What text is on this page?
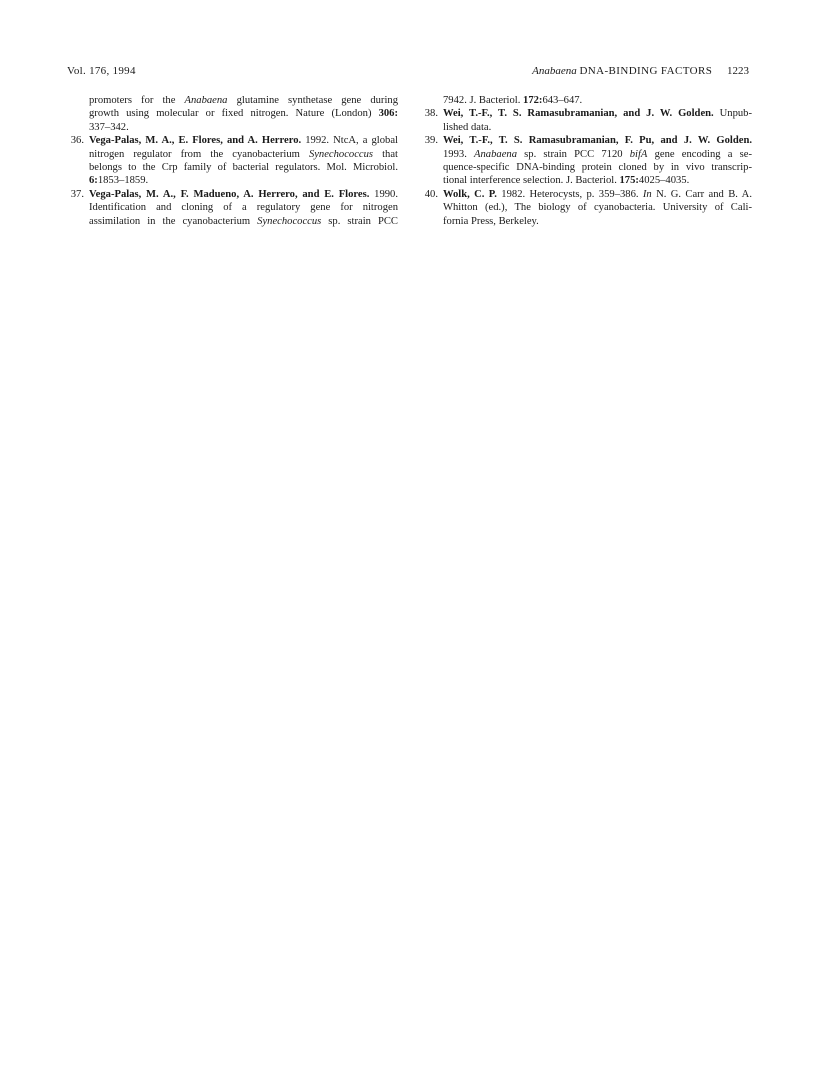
Vol. 176, 1994	Anabaena DNA-BINDING FACTORS 1223
promoters for the Anabaena glutamine synthetase gene during
growth using molecular or fixed nitrogen. Nature (London) 306:
337–342.
36. Vega-Palas, M. A., E. Flores, and A. Herrero. 1992. NtcA, a global
nitrogen regulator from the cyanobacterium Synechococcus that
belongs to the Crp family of bacterial regulators. Mol. Microbiol.
6:1853–1859.
37. Vega-Palas, M. A., F. Madueno, A. Herrero, and E. Flores. 1990.
Identification and cloning of a regulatory gene for nitrogen
assimilation in the cyanobacterium Synechococcus sp. strain PCC
7942. J. Bacteriol. 172:643–647.
38. Wei, T.-F., T. S. Ramasubramanian, and J. W. Golden. Unpub-
lished data.
39. Wei, T.-F., T. S. Ramasubramanian, F. Pu, and J. W. Golden.
1993. Anabaena sp. strain PCC 7120 bifA gene encoding a se-
quence-specific DNA-binding protein cloned by in vivo transcrip-
tional interference selection. J. Bacteriol. 175:4025–4035.
40. Wolk, C. P. 1982. Heterocysts, p. 359–386. In N. G. Carr and B. A.
Whitton (ed.), The biology of cyanobacteria. University of Cali-
fornia Press, Berkeley.
